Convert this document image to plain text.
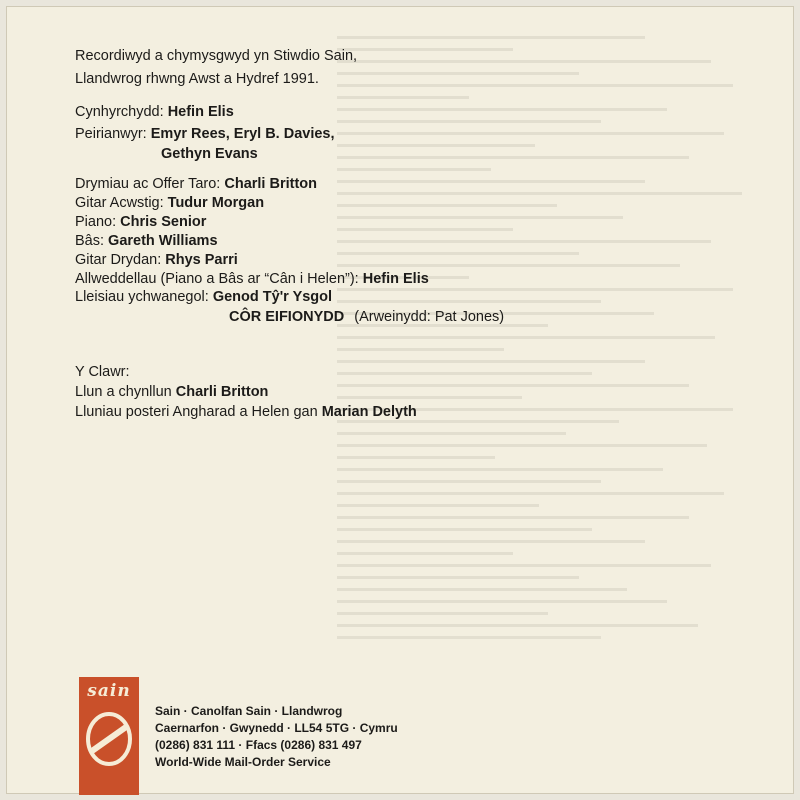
Recordiwyd a chymysgwyd yn Stiwdio Sain,
Llandwrog rhwng Awst a Hydref 1991.
Cynhyrchydd: Hefin Elis
Peirianwyr: Emyr Rees, Eryl B. Davies,
Gethyn Evans
Drymiau ac Offer Taro: Charli Britton
Gitar Acwstig: Tudur Morgan
Piano: Chris Senior
Bâs: Gareth Williams
Gitar Drydan: Rhys Parri
Allweddellau (Piano a Bâs ar “Cân i Helen”): Hefin Elis
Lleisiau ychwanegol: Genod Tŷ'r Ysgol
CÔR EIFIONYDD (Arweinydd: Pat Jones)
Y Clawr:
Llun a chynllun Charli Britton
Lluniau posteri Angharad a Helen gan Marian Delyth
sain
Sain · Canolfan Sain · Llandwrog
Caernarfon · Gwynedd · LL54 5TG · Cymru
(0286) 831 111 · Ffacs (0286) 831 497
World-Wide Mail-Order Service
